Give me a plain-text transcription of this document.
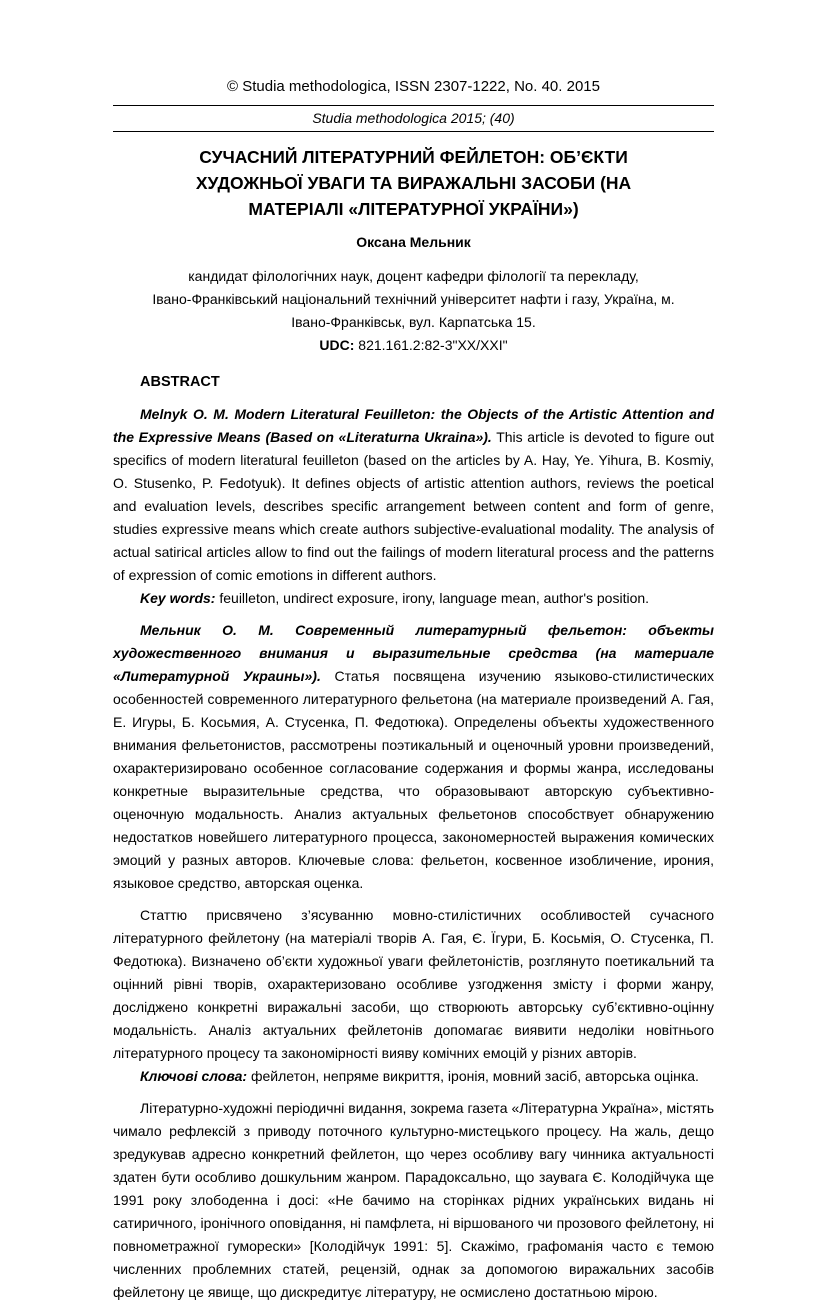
© Studia methodologica, ISSN 2307-1222, No. 40. 2015
Studia methodologica 2015; (40)
СУЧАСНИЙ ЛІТЕРАТУРНИЙ ФЕЙЛЕТОН: ОБ’ЄКТИ
ХУДОЖНЬОЇ УВАГИ ТА ВИРАЖАЛЬНІ ЗАСОБИ (НА
МАТЕРІАЛІ «ЛІТЕРАТУРНОЇ УКРАЇНИ»)
Оксана Мельник
кандидат філологічних наук, доцент кафедри філології та перекладу,
Івано-Франківський національний технічний університет нафти і газу, Україна, м.
Івано-Франківськ, вул. Карпатська 15.
UDC: 821.161.2:82-3"XX/XXI"
ABSTRACT

Melnyk O. M. Modern Literatural Feuilleton: the Objects of the Artistic Attention and the Expressive Means (Based on «Literaturna Ukraina»). This article is devoted to figure out specifics of modern literatural feuilleton (based on the articles by A. Hay, Ye. Yihura, B. Kosmiy, O. Stusenko, P. Fedotyuk). It defines objects of artistic attention authors, reviews the poetical and evaluation levels, describes specific arrangement between content and form of genre, studies expressive means which create authors subjective-evaluational modality. The analysis of actual satirical articles allow to find out the failings of modern literatural process and the patterns of expression of comic emotions in different authors.

Key words: feuilleton, undirect exposure, irony, language mean, author's position.

Мельник О. М. Современный литературный фельетон: объекты художественного внимания и выразительные средства (на материале «Литературной Украины»). Статья посвящена изучению языково-стилистических особенностей современного литературного фельетона (на материале произведений А. Гая, Е. Игуры, Б. Косьмия, А. Стусенка, П. Федотюка). Определены объекты художественного внимания фельетонистов, рассмотрены поэтикальный и оценочный уровни произведений, охарактеризировано особенное согласование содержания и формы жанра, исследованы конкретные выразительные средства, что образовывают авторскую субъективно-оценочную модальность. Анализ актуальных фельетонов способствует обнаружению недостатков новейшего литературного процесса, закономерностей выражения комических эмоций у разных авторов. Ключевые слова: фельетон, косвенное изобличение, ирония, языковое средство, авторская оценка.

Статтю присвячено з’ясуванню мовно-стилістичних особливостей сучасного літературного фейлетону (на матеріалі творів А. Гая, Є. Їгури, Б. Косьмія, О. Стусенка, П. Федотюка). Визначено об’єкти художньої уваги фейлетоністів, розглянуто поетикальний та оцінний рівні творів, охарактеризовано особливе узгодження змісту і форми жанру, досліджено конкретні виражальні засоби, що створюють авторську суб’єктивно-оцінну модальність. Аналіз актуальних фейлетонів допомагає виявити недоліки новітнього літературного процесу та закономірності вияву комічних емоцій у різних авторів.

Ключові слова: фейлетон, непряме викриття, іронія, мовний засіб, авторська оцінка.

Літературно-художні періодичні видання, зокрема газета «Літературна Україна», містять чимало рефлексій з приводу поточного культурно-мистецького процесу. На жаль, дещо зредукував адресно конкретний фейлетон, що через особливу вагу чинника актуальності здатен бути особливо дошкульним жанром. Парадоксально, що заувага Є. Колодійчука ще 1991 року злободенна і досі: «Не бачимо на сторінках рідних українських видань ні сатиричного, іронічного оповідання, ні памфлета, ні віршованого чи прозового фейлетону, ні повнометражної гуморески» [Колодійчук 1991: 5]. Скажімо, графоманія часто є темою численних проблемних статей, рецензій, однак за допомогою виражальних засобів фейлетону це явище, що дискредитує літературу, не осмислено достатньою мірою.
